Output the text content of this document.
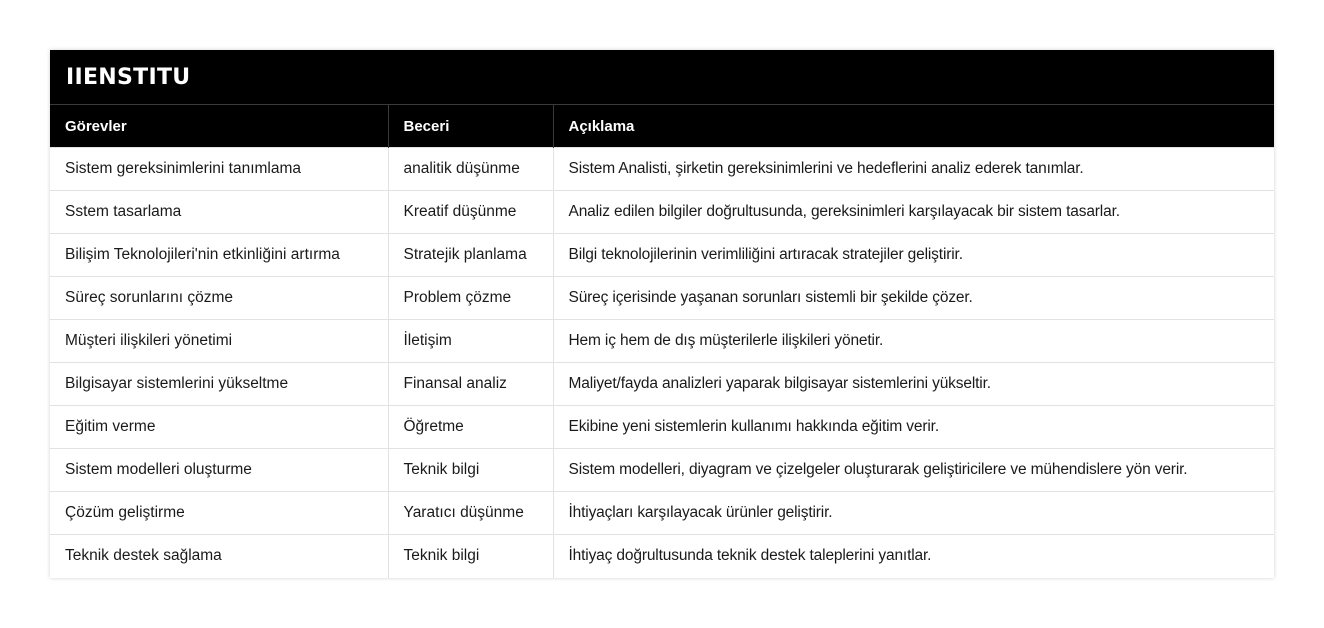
IIENSTITU
Görevler	Beceri	Açıklama
Sistem gereksinimlerini tanımlama	analitik düşünme	Sistem Analisti, şirketin gereksinimlerini ve hedeflerini analiz ederek tanımlar.
Sstem tasarlama	Kreatif düşünme	Analiz edilen bilgiler doğrultusunda, gereksinimleri karşılayacak bir sistem tasarlar.
Bilişim Teknolojileri'nin etkinliğini artırma	Stratejik planlama	Bilgi teknolojilerinin verimliliğini artıracak stratejiler geliştirir.
Süreç sorunlarını çözme	Problem çözme	Süreç içerisinde yaşanan sorunları sistemli bir şekilde çözer.
Müşteri ilişkileri yönetimi	İletişim	Hem iç hem de dış müşterilerle ilişkileri yönetir.
Bilgisayar sistemlerini yükseltme	Finansal analiz	Maliyet/fayda analizleri yaparak bilgisayar sistemlerini yükseltir.
Eğitim verme	Öğretme	Ekibine yeni sistemlerin kullanımı hakkında eğitim verir.
Sistem modelleri oluşturme	Teknik bilgi	Sistem modelleri, diyagram ve çizelgeler oluşturarak geliştiricilere ve mühendislere yön verir.
Çözüm geliştirme	Yaratıcı düşünme	İhtiyaçları karşılayacak ürünler geliştirir.
Teknik destek sağlama	Teknik bilgi	İhtiyaç doğrultusunda teknik destek taleplerini yanıtlar.
